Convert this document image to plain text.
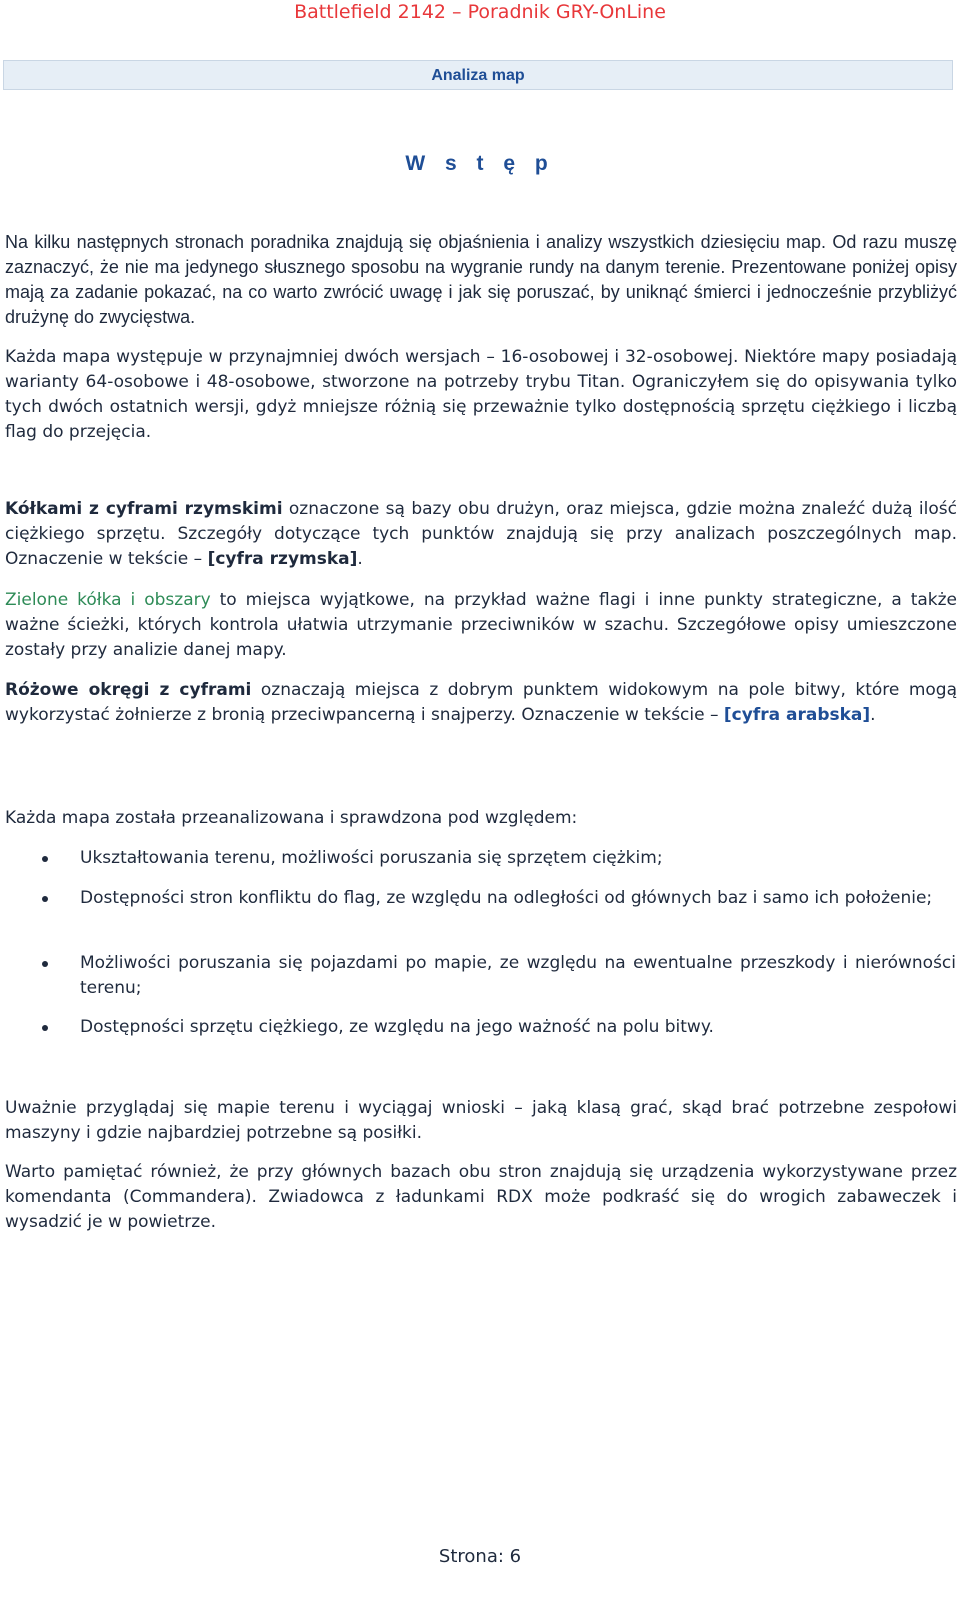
Battlefield 2142 – Poradnik GRY-OnLine
Analiza map
W s t ę p

Na kilku następnych stronach poradnika znajdują się objaśnienia i analizy wszystkich dziesięciu map. Od razu muszę zaznaczyć, że nie ma jedynego słusznego sposobu na wygranie rundy na danym terenie. Prezentowane poniżej opisy mają za zadanie pokazać, na co warto zwrócić uwagę i jak się poruszać, by uniknąć śmierci i jednocześnie przybliżyć drużynę do zwycięstwa.

Każda mapa występuje w przynajmniej dwóch wersjach – 16-osobowej i 32-osobowej. Niektóre mapy posiadają warianty 64-osobowe i 48-osobowe, stworzone na potrzeby trybu Titan. Ograniczyłem się do opisywania tylko tych dwóch ostatnich wersji, gdyż mniejsze różnią się przeważnie tylko dostępnością sprzętu ciężkiego i liczbą flag do przejęcia.

Kółkami z cyframi rzymskimi oznaczone są bazy obu drużyn, oraz miejsca, gdzie można znaleźć dużą ilość ciężkiego sprzętu. Szczegóły dotyczące tych punktów znajdują się przy analizach poszczególnych map. Oznaczenie w tekście – [cyfra rzymska].

Zielone kółka i obszary to miejsca wyjątkowe, na przykład ważne flagi i inne punkty strategiczne, a także ważne ścieżki, których kontrola ułatwia utrzymanie przeciwników w szachu. Szczegółowe opisy umieszczone zostały przy analizie danej mapy.

Różowe okręgi z cyframi oznaczają miejsca z dobrym punktem widokowym na pole bitwy, które mogą wykorzystać żołnierze z bronią przeciwpancerną i snajperzy. Oznaczenie w tekście – [cyfra arabska].

Każda mapa została przeanalizowana i sprawdzona pod względem:

Ukształtowania terenu, możliwości poruszania się sprzętem ciężkim;
Dostępności stron konfliktu do flag, ze względu na odległości od głównych baz i samo ich położenie;
Możliwości poruszania się pojazdami po mapie, ze względu na ewentualne przeszkody i nierówności terenu;
Dostępności sprzętu ciężkiego, ze względu na jego ważność na polu bitwy.

Uważnie przyglądaj się mapie terenu i wyciągaj wnioski – jaką klasą grać, skąd brać potrzebne zespołowi maszyny i gdzie najbardziej potrzebne są posiłki.

Warto pamiętać również, że przy głównych bazach obu stron znajdują się urządzenia wykorzystywane przez komendanta (Commandera). Zwiadowca z ładunkami RDX może podkraść się do wrogich zabaweczek i wysadzić je w powietrze.

Strona: 6
